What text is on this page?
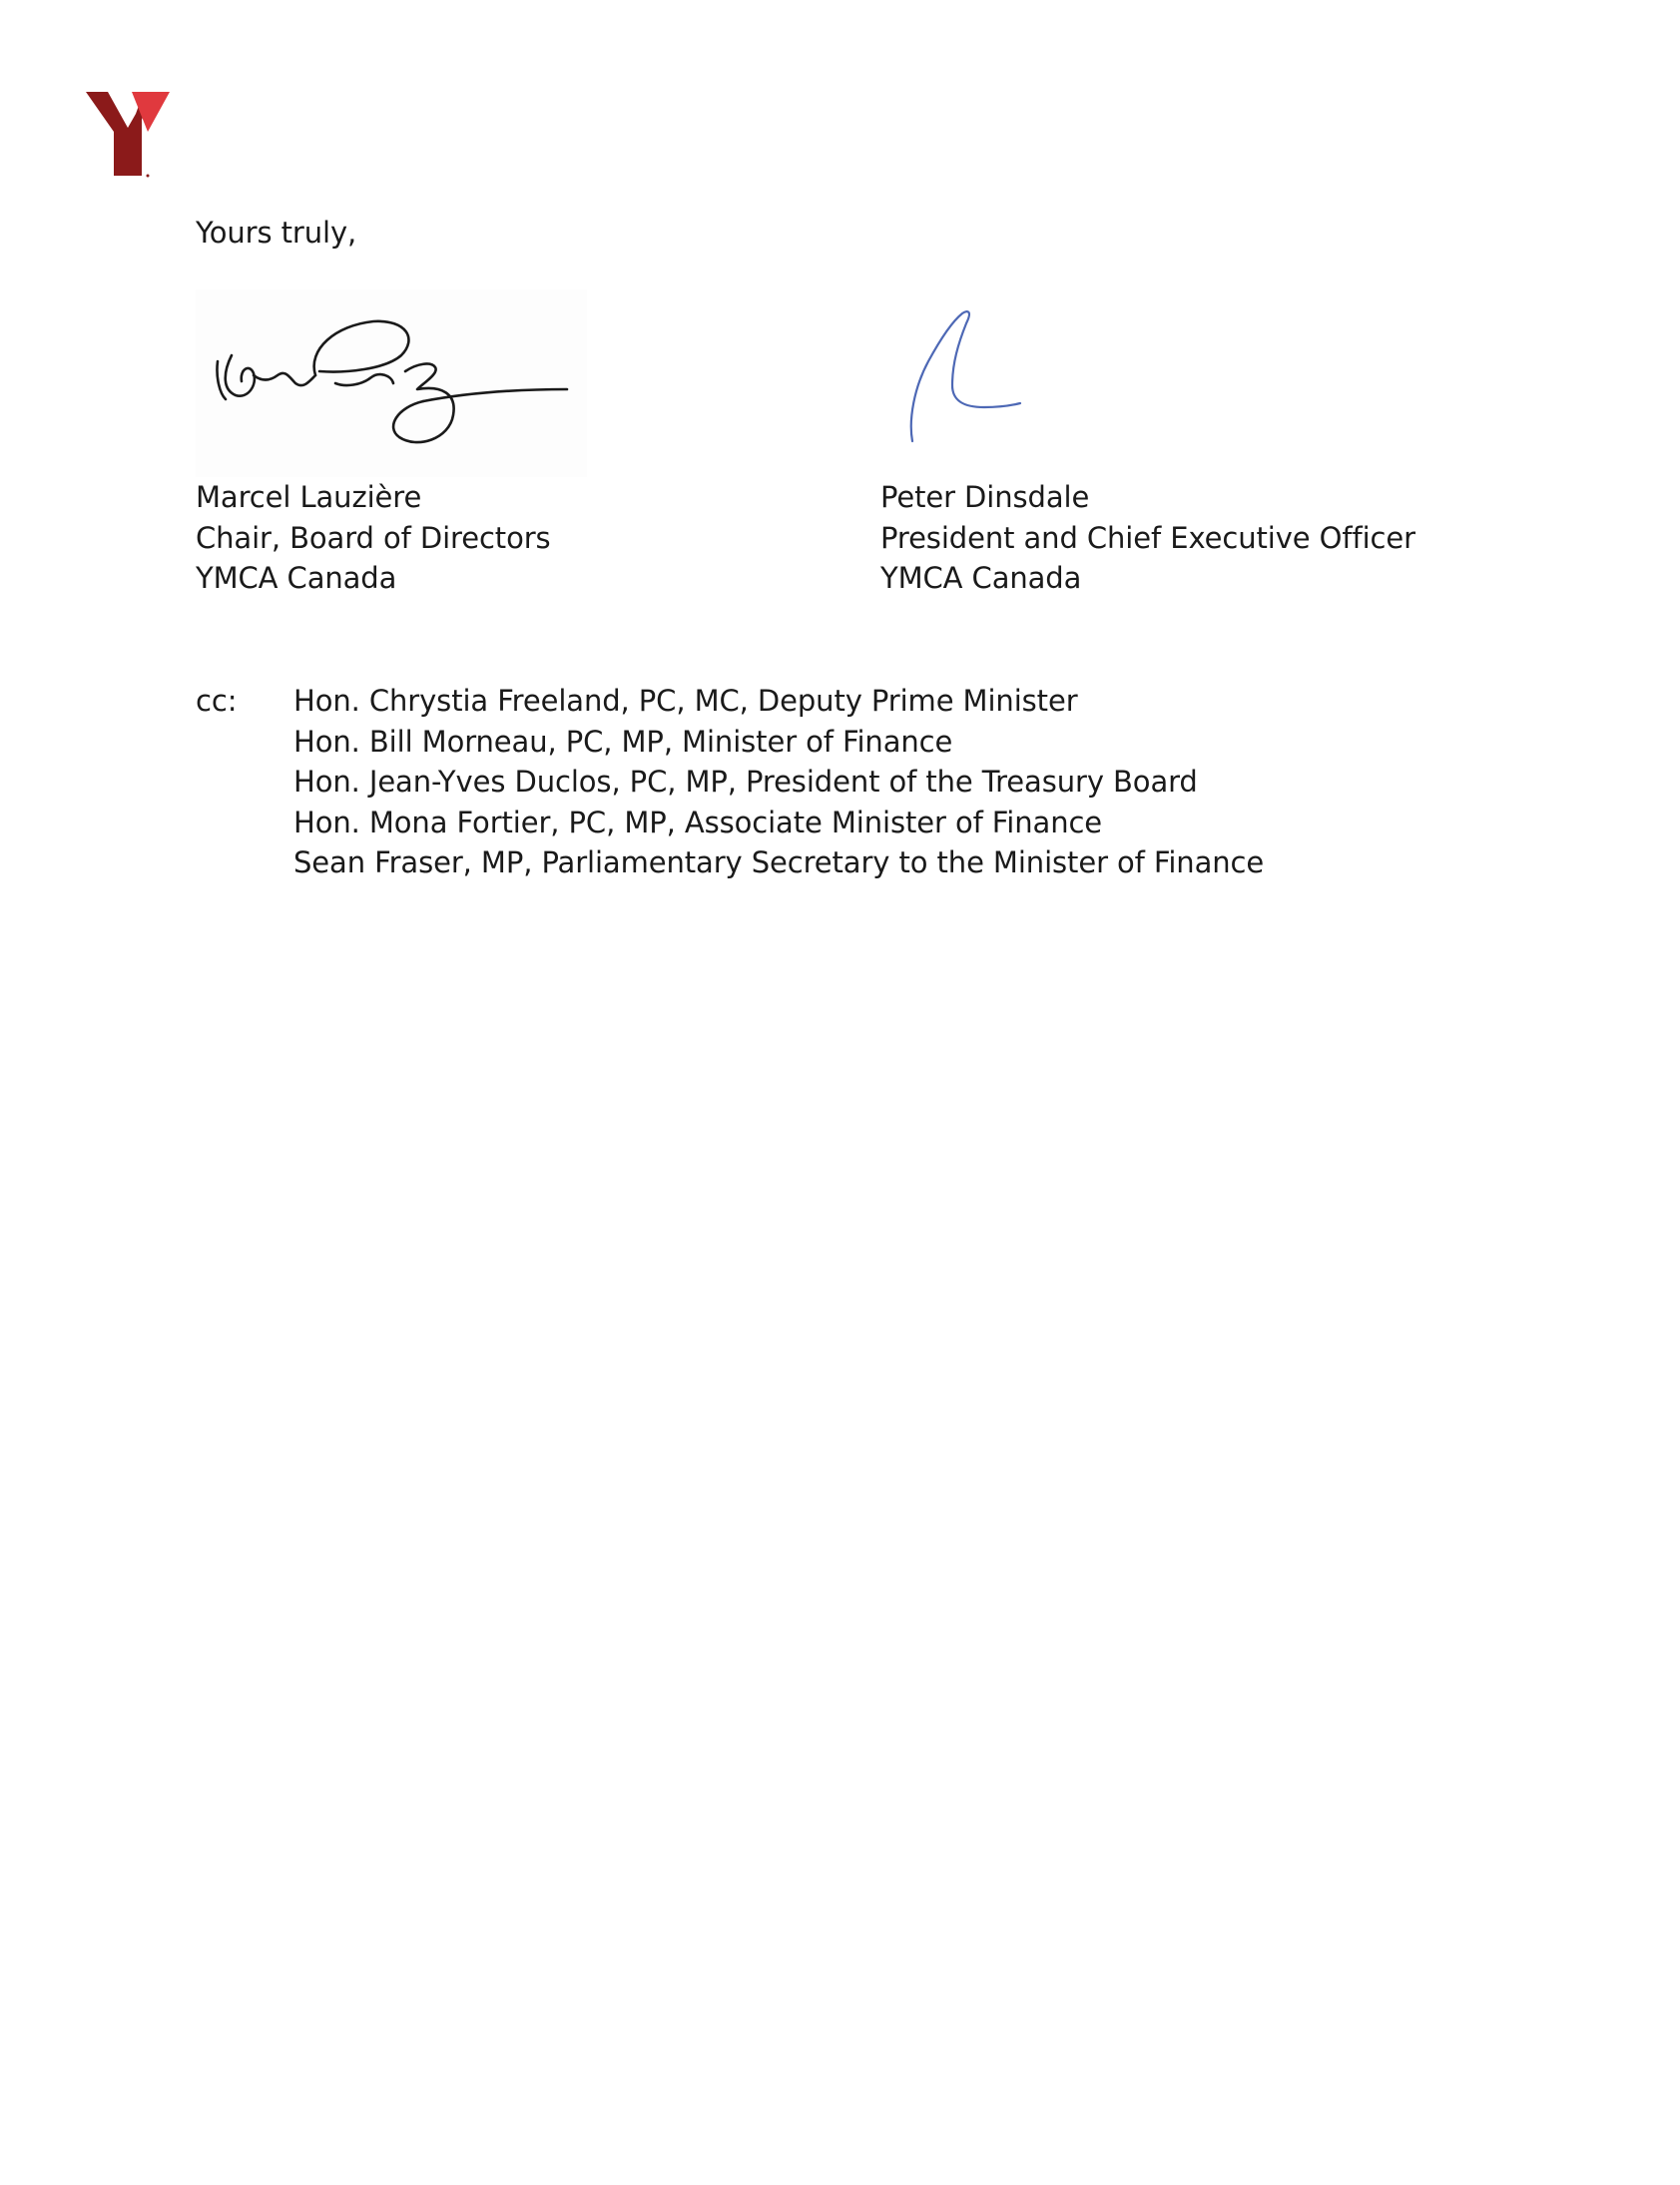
Yours truly,
Marcel Lauzière
Chair, Board of Directors
YMCA Canada
Peter Dinsdale
President and Chief Executive Officer
YMCA Canada
cc: Hon. Chrystia Freeland, PC, MC, Deputy Prime Minister
Hon. Bill Morneau, PC, MP, Minister of Finance
Hon. Jean-Yves Duclos, PC, MP, President of the Treasury Board
Hon. Mona Fortier, PC, MP, Associate Minister of Finance
Sean Fraser, MP, Parliamentary Secretary to the Minister of Finance
